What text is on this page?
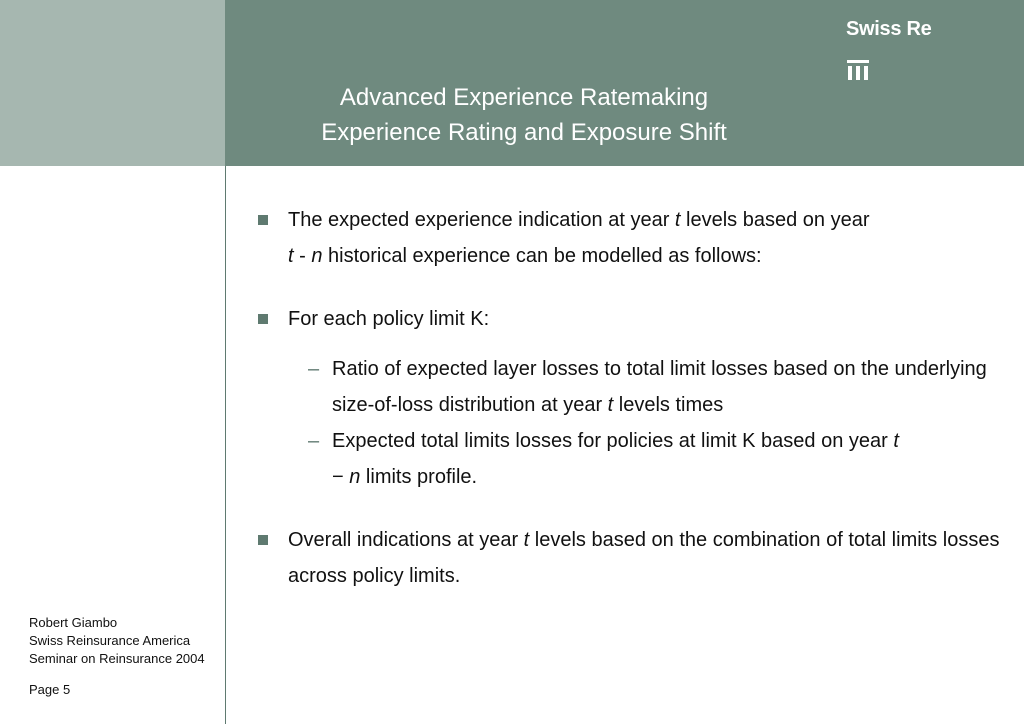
Advanced Experience Ratemaking
Experience Rating and Exposure Shift
Swiss Re
The expected experience indication at year t levels based on year
t - n historical experience can be modelled as follows:
For each policy limit K:
– Ratio of expected layer losses to total limit losses based on the underlying size-of-loss distribution at year t levels times
– Expected total limits losses for policies at limit K based on year t
− n limits profile.
Overall indications at year t levels based on the combination of total limits losses across policy limits.
Robert Giambo
Swiss Reinsurance America
Seminar on Reinsurance 2004
Page 5
